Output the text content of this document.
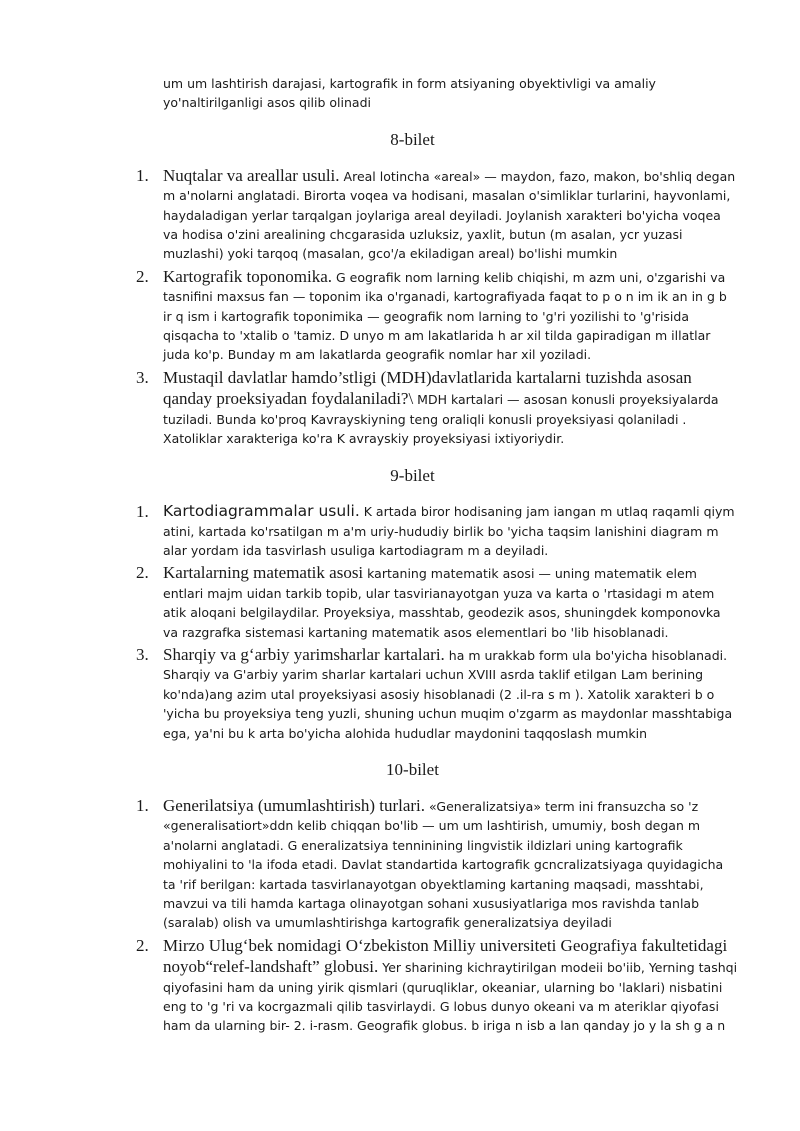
um um lashtirish darajasi, kartografik in form atsiyaning obyektivligi va amaliy yo'naltirilganligi asos qilib olinadi

8-bilet
1. Nuqtalar va areallar usuli. Areal lotincha «areal» — maydon, fazo, makon, bo'shliq degan m a'nolarni anglatadi. Birorta voqea va hodisani, masalan o'simliklar turlarini, hayvonlami, haydaladigan yerlar tarqalgan joylariga areal deyiladi. Joylanish xarakteri bo'yicha voqea va hodisa o'zini arealining chcgarasida uzluksiz, yaxlit, butun (m asalan, ycr yuzasi muzlashi) yoki tarqoq (masalan, gco'/a ekiladigan areal) bo'lishi mumkin
2. Kartografik toponomika. G eografik nom larning kelib chiqishi, m azm uni, o'zgarishi va tasnifini maxsus fan — toponim ika o'rganadi, kartografiyada faqat to p o n im ik an in g b ir q ism i kartografik toponimika — geografik nom larning to 'g'ri yozilishi to 'g'risida qisqacha to 'xtalib o 'tamiz. D unyo m am lakatlarida h ar xil tilda gapiradigan m illatlar juda ko'p. Bunday m am lakatlarda geografik nomlar har xil yoziladi.
3. Mustaqil davlatlar hamdo’stligi (MDH)davlatlarida kartalarni tuzishda asosan qanday proeksiyadan foydalaniladi?\ MDH kartalari — asosan konusli proyeksiyalarda tuziladi. Bunda ko'proq Kavrayskiyning teng oraliqli konusli proyeksiyasi qolaniladi . Xatoliklar xarakteriga ko'ra K avrayskiy proyeksiyasi ixtiyoriydir.
9-bilet
1. Kartodiagrammalar usuli. K artada biror hodisaning jam iangan m utlaq raqamli qiym atini, kartada ko'rsatilgan m a'm uriy-hududiy birlik bo 'yicha taqsim lanishini diagram m alar yordam ida tasvirlash usuliga kartodiagram m a deyiladi.
2. Kartalarning matematik asosi kartaning matematik asosi — uning matematik elem entlari majm uidan tarkib topib, ular tasvirianayotgan yuza va karta o 'rtasidagi m atem atik aloqani belgilaydilar. Proyeksiya, masshtab, geodezik asos, shuningdek komponovka va razgrafka sistemasi kartaning matematik asos elementlari bo 'lib hisoblanadi.
3. Sharqiy va g‘arbiy yarimsharlar kartalari. ha m urakkab form ula bo'yicha hisoblanadi. Sharqiy va G'arbiy yarim sharlar kartalari uchun XVIII asrda taklif etilgan Lam berining ko'nda)ang azim utal proyeksiyasi asosiy hisoblanadi (2 .il-ra s m ). Xatolik xarakteri b o 'yicha bu proyeksiya teng yuzli, shuning uchun muqim o'zgarm as maydonlar masshtabiga ega, ya'ni bu k arta bo'yicha alohida hududlar maydonini taqqoslash mumkin
10-bilet
1. Generilatsiya (umumlashtirish) turlari. «Generalizatsiya» term ini fransuzcha so 'z «generalisatiort»ddn kelib chiqqan bo'lib — um um lashtirish, umumiy, bosh degan m a'nolarni anglatadi. G eneralizatsiya tenninining lingvistik ildizlari uning kartografik mohiyalini to 'la ifoda etadi. Davlat standartida kartografik gcncralizatsiyaga quyidagicha ta 'rif berilgan: kartada tasvirlanayotgan obyektlaming kartaning maqsadi, masshtabi, mavzui va tili hamda kartaga olinayotgan sohani xususiyatlariga mos ravishda tanlab (saralab) olish va umumlashtirishga kartografik generalizatsiya deyiladi
2. Mirzo Ulug‘bek nomidagi O‘zbekiston Milliy universiteti Geografiya fakultetidagi noyob“relef-landshaft” globusi. Yer sharining kichraytirilgan modeii bo'iib, Yerning tashqi qiyofasini ham da uning yirik qismlari (quruqliklar, okeaniar, ularning bo 'laklari) nisbatini eng to 'g 'ri va kocrgazmali qilib tasvirlaydi. G lobus dunyo okeani va m ateriklar qiyofasi ham da ularning bir- 2. i-rasm. Geografik globus. b iriga n isb a lan qanday jo y la sh g a n
